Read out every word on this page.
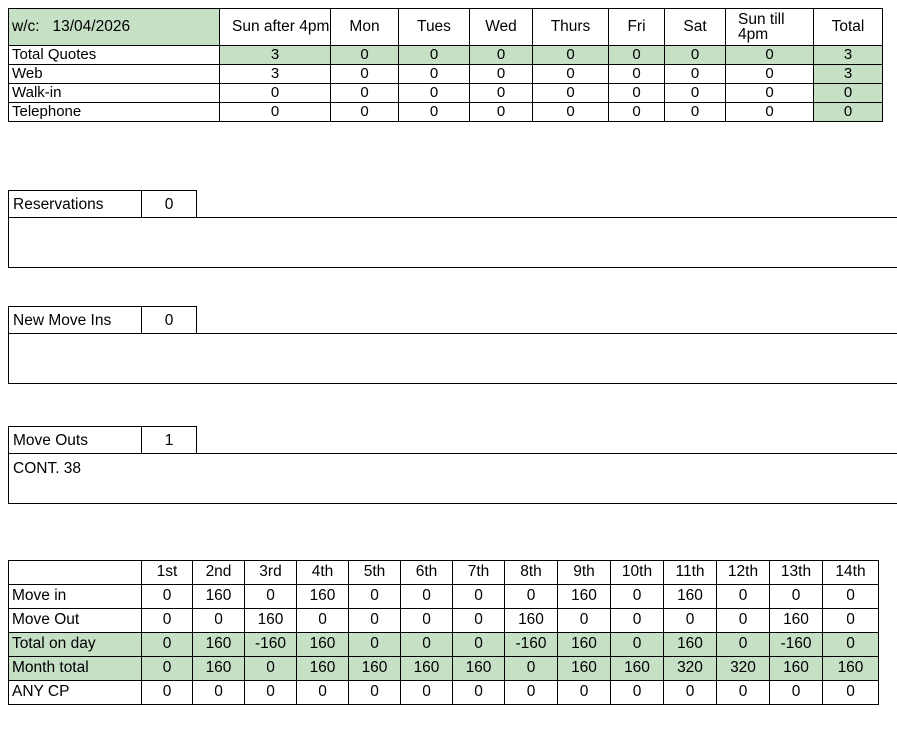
w/c: 13/04/2026	Sun after 4pm	Mon	Tues	Wed	Thurs	Fri	Sat	Sun till 4pm	Total
Total Quotes	3	0	0	0	0	0	0	0	3
Web	3	0	0	0	0	0	0	0	3
Walk-in	0	0	0	0	0	0	0	0	0
Telephone	0	0	0	0	0	0	0	0	0
Reservations	0
New Move Ins	0
Move Outs	1
CONT. 38
	1st	2nd	3rd	4th	5th	6th	7th	8th	9th	10th	11th	12th	13th	14th
Move in	0	160	0	160	0	0	0	0	160	0	160	0	0	0
Move Out	0	0	160	0	0	0	0	160	0	0	0	0	160	0
Total on day	0	160	-160	160	0	0	0	-160	160	0	160	0	-160	0
Month total	0	160	0	160	160	160	160	0	160	160	320	320	160	160
ANY CP	0	0	0	0	0	0	0	0	0	0	0	0	0	0
